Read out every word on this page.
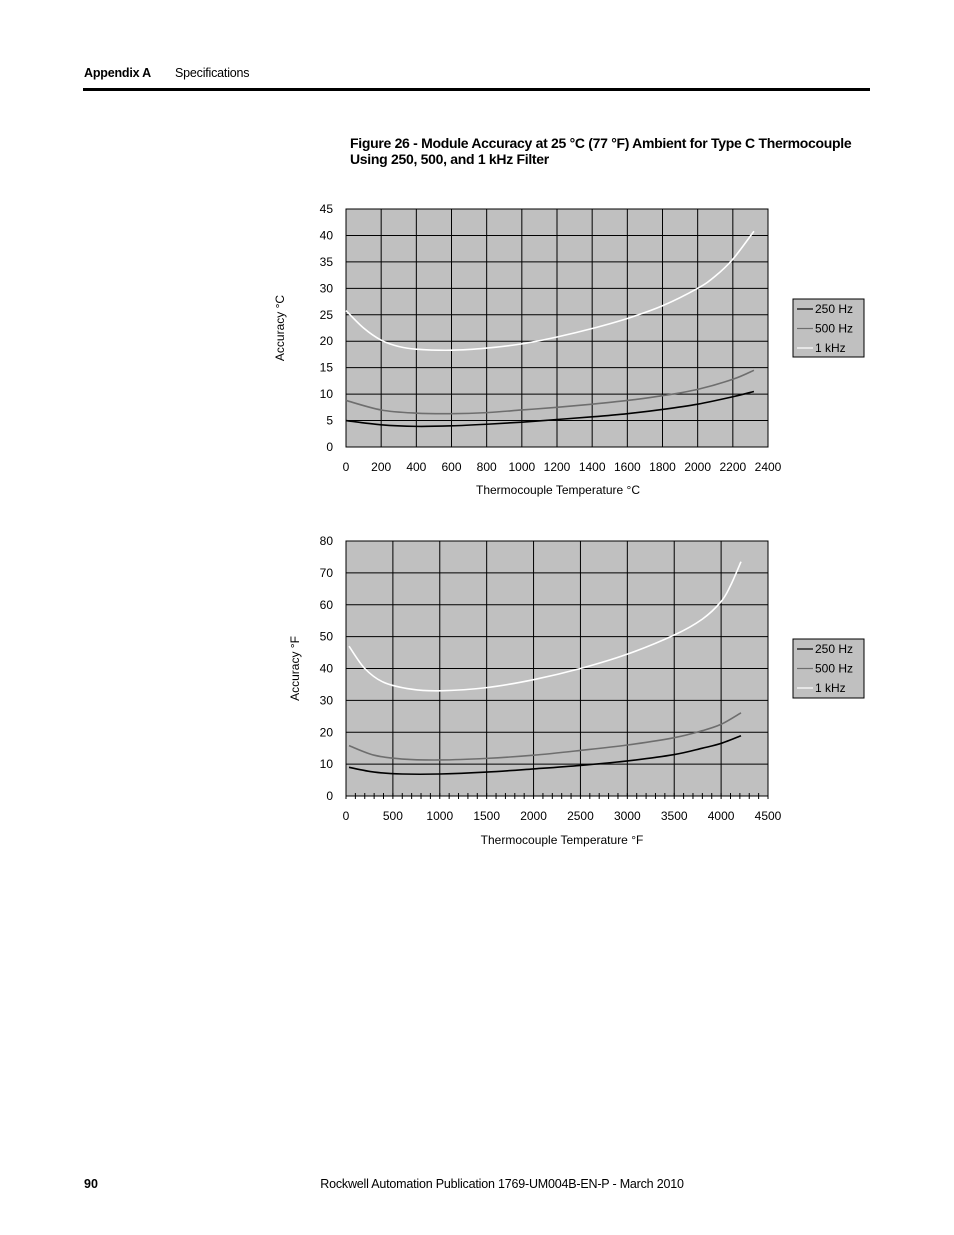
Appendix A Specifications
Figure 26 - Module Accuracy at 25 °C (77 °F) Ambient for Type C Thermocouple Using 250, 500, and 1 kHz Filter
0
5
10
15
20
25
30
35
40
45
0 200 400 600 800 1000 1200 1400 1600 1800 2000 2200 2400
Thermocouple Temperature °C
Accuracy °C	250 Hz
500 Hz
1 kHz
0
10
20
30
40
50
60
70
80
0	500 1000 1500 2000 2500 3000 3500 4000 4500
Thermocouple Temperature °F
Accuracy °F	250 Hz
500 Hz
1 kHz
90	Rockwell Automation Publication 1769-UM004B-EN-P - March 2010
